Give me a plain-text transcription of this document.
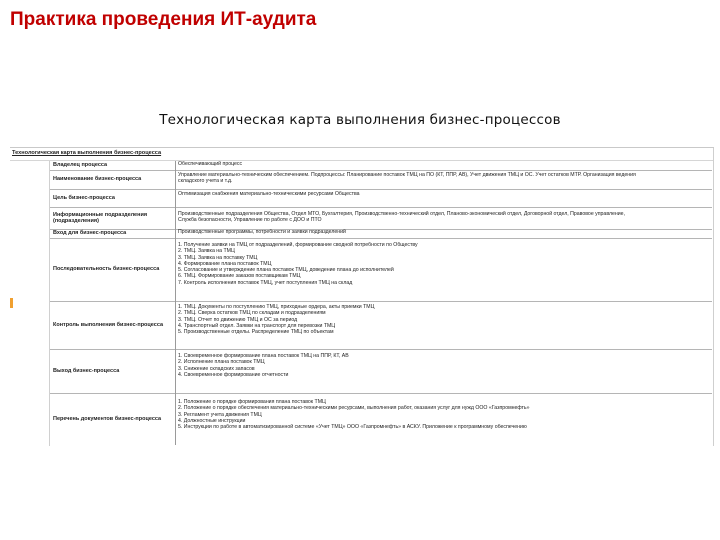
Практика проведения ИТ-аудита
Технологическая карта выполнения бизнес-процессов
Технологическая карта выполнения бизнес-процесса
Владелец процесса	Обеспечивающий процесс
Наименование бизнес-процесса
Управление материально-техническим обеспечением. Подпроцессы: Планирование поставок ТМЦ на ПО (КТ, ППР, АВ), Учет движения ТМЦ и ОС. Учет остатков МТР. Организация ведения
складского учета и т.д.
Цель бизнес-процесса
Оптимизация снабжения материально-техническими ресурсами Общества
Информационные подразделения (подразделения)
Производственные подразделения Общества, Отдел МТО, Бухгалтерия, Производственно-технический отдел, Планово-экономический отдел, Договорной отдел, Правовое управление,
Служба безопасности, Управление по работе с ДОО и ПТО
Вход для бизнес-процесса	Производственные программы, потребности и заявки подразделений
Последовательность бизнес-процесса
1. Получение заявки на ТМЦ от подразделений, формирование сводной потребности по Обществу
2. ТМЦ. Заявка на ТМЦ
3. ТМЦ. Заявка на поставку ТМЦ
4. Формирование плана поставок ТМЦ
5. Согласование и утверждение плана поставок ТМЦ, доведение плана до исполнителей
6. ТМЦ. Формирование заказов поставщикам ТМЦ
7. Контроль исполнения поставок ТМЦ, учет поступления ТМЦ на склад
Контроль выполнения бизнес-процесса
1. ТМЦ. Документы по поступлению ТМЦ, приходные ордера, акты приемки ТМЦ
2. ТМЦ. Сверка остатков ТМЦ по складам и подразделениям
3. ТМЦ. Отчет по движению ТМЦ и ОС за период
4. Транспортный отдел. Заявки на транспорт для перевозки ТМЦ
5. Производственные отделы. Распределение ТМЦ по объектам
Выход бизнес-процесса
1. Своевременное формирование плана поставок ТМЦ на ППР, КТ, АВ
2. Исполнение плана поставок ТМЦ
3. Снижение складских запасов
4. Своевременное формирование отчетности
Перечень документов бизнес-процесса
1. Положение о порядке формирования плана поставок ТМЦ
2. Положение о порядке обеспечения материально-техническими ресурсами, выполнения работ, оказания услуг для нужд ООО «Газпромнефть»
3. Регламент учета движения ТМЦ
4. Должностные инструкции
5. Инструкции по работе в автоматизированной системе «Учет ТМЦ» ООО «Газпромнефть» в АСКУ. Приложение к программному обеспечению
